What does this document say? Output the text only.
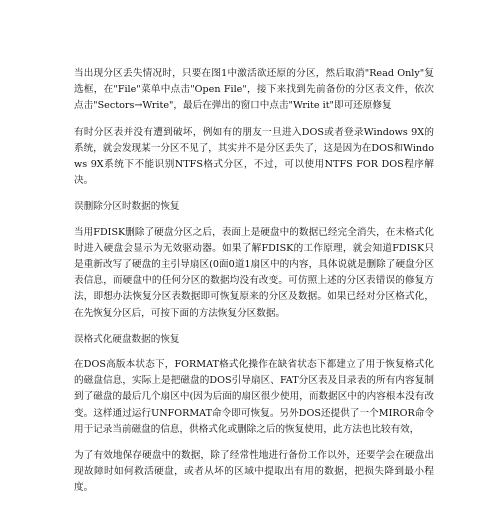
当出现分区丢失情况时，只要在图1中激活欲还原的分区，然后取消"Read Only"复选框，在"File"菜单中点击"Open File"，接下来找到先前备份的分区表文件，依次点击"Sectors→Write"，最后在弹出的窗口中点击"Write it"即可还原修复

有时分区表并没有遭到破坏，例如有的朋友一旦进入DOS或者登录Windows 9X的系统，就会发现某一分区不见了，其实并不是分区丢失了，这是因为在DOS和Windows 9X系统下不能识别NTFS格式分区，不过，可以使用NTFS FOR DOS程序解决。

误删除分区时数据的恢复

当用FDISK删除了硬盘分区之后，表面上是硬盘中的数据已经完全消失，在未格式化时进入硬盘会显示为无效驱动器。如果了解FDISK的工作原理，就会知道FDISK只是重新改写了硬盘的主引导扇区(0面0道1扇区中的内容，具体说就是删除了硬盘分区表信息，而硬盘中的任何分区的数据均没有改变。可仿照上述的分区表错误的修复方法，即想办法恢复分区表数据即可恢复原来的分区及数据。如果已经对分区格式化，在先恢复分区后，可按下面的方法恢复分区数据。

误格式化硬盘数据的恢复

在DOS高版本状态下，FORMAT格式化操作在缺省状态下都建立了用于恢复格式化的磁盘信息，实际上是把磁盘的DOS引导扇区、FAT分区表及目录表的所有内容复制到了磁盘的最后几个扇区中(因为后面的扇区很少使用，而数据区中的内容根本没有改变。这样通过运行UNFORMAT命令即可恢复。另外DOS还提供了一个MIROR命令用于记录当前磁盘的信息，供格式化或删除之后的恢复使用，此方法也比较有效，

为了有效地保存硬盘中的数据，除了经常性地进行备份工作以外，还要学会在硬盘出现故障时如何救活硬盘，或者从坏的区域中提取出有用的数据，把损失降到最小程度。
